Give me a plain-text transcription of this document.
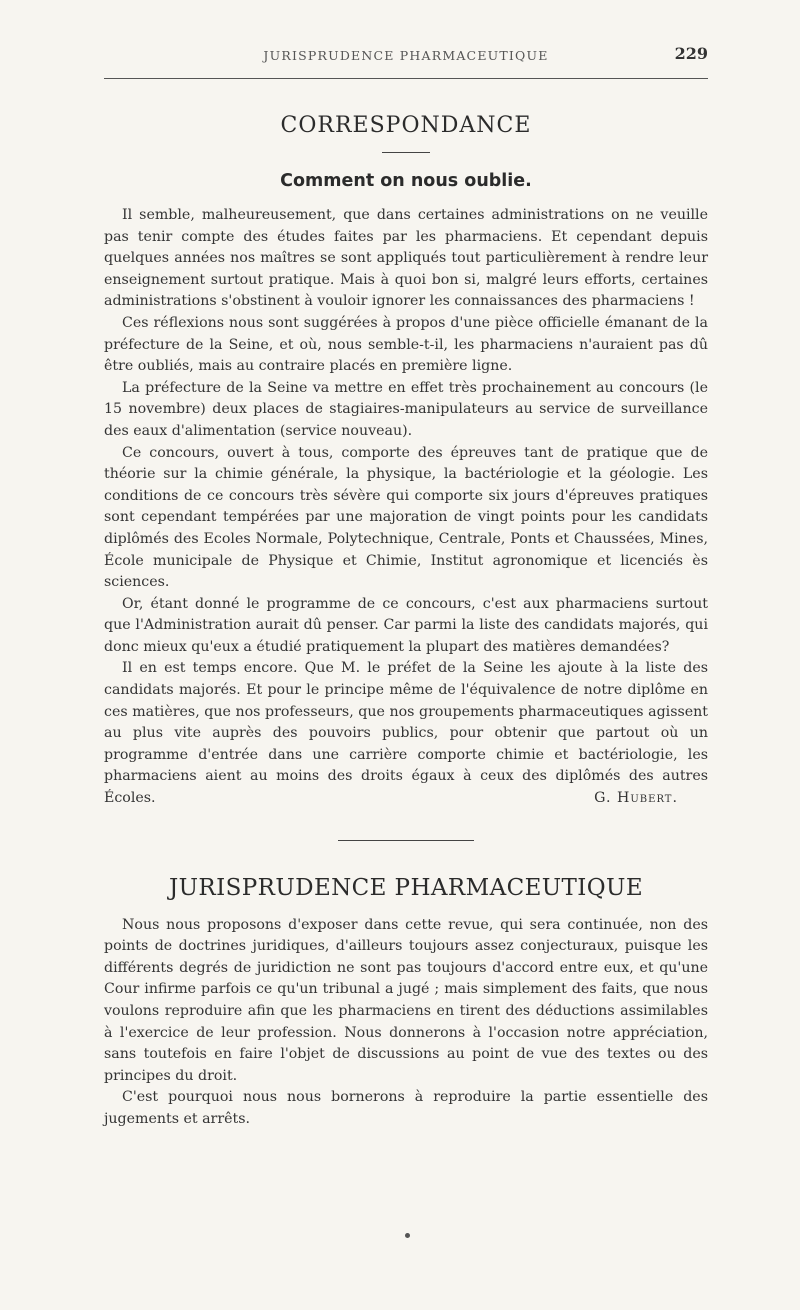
JURISPRUDENCE PHARMACEUTIQUE	229
CORRESPONDANCE
Comment on nous oublie.

Il semble, malheureusement, que dans certaines administrations on ne veuille pas tenir compte des études faites par les pharmaciens. Et cependant depuis quelques années nos maîtres se sont appliqués tout particulièrement à rendre leur enseignement surtout pratique. Mais à quoi bon si, malgré leurs efforts, certaines administrations s'obstinent à vouloir ignorer les connaissances des pharmaciens !

Ces réflexions nous sont suggérées à propos d'une pièce officielle émanant de la préfecture de la Seine, et où, nous semble-t-il, les pharmaciens n'auraient pas dû être oubliés, mais au contraire placés en première ligne.

La préfecture de la Seine va mettre en effet très prochainement au concours (le 15 novembre) deux places de stagiaires-manipulateurs au service de surveillance des eaux d'alimentation (service nouveau).

Ce concours, ouvert à tous, comporte des épreuves tant de pratique que de théorie sur la chimie générale, la physique, la bactériologie et la géologie. Les conditions de ce concours très sévère qui comporte six jours d'épreuves pratiques sont cependant tempérées par une majoration de vingt points pour les candidats diplômés des Ecoles Normale, Polytechnique, Centrale, Ponts et Chaussées, Mines, École municipale de Physique et Chimie, Institut agronomique et licenciés ès sciences.

Or, étant donné le programme de ce concours, c'est aux pharmaciens surtout que l'Administration aurait dû penser. Car parmi la liste des candidats majorés, qui donc mieux qu'eux a étudié pratiquement la plupart des matières demandées?

Il en est temps encore. Que M. le préfet de la Seine les ajoute à la liste des candidats majorés. Et pour le principe même de l'équivalence de notre diplôme en ces matières, que nos professeurs, que nos groupements pharmaceutiques agissent au plus vite auprès des pouvoirs publics, pour obtenir que partout où un programme d'entrée dans une carrière comporte chimie et bactériologie, les pharmaciens aient au moins des droits égaux à ceux des diplômés des autres Écoles.	G. Hubert.
JURISPRUDENCE PHARMACEUTIQUE

Nous nous proposons d'exposer dans cette revue, qui sera continuée, non des points de doctrines juridiques, d'ailleurs toujours assez conjecturaux, puisque les différents degrés de juridiction ne sont pas toujours d'accord entre eux, et qu'une Cour infirme parfois ce qu'un tribunal a jugé ; mais simplement des faits, que nous voulons reproduire afin que les pharmaciens en tirent des déductions assimilables à l'exercice de leur profession. Nous donnerons à l'occasion notre appréciation, sans toutefois en faire l'objet de discussions au point de vue des textes ou des principes du droit.

C'est pourquoi nous nous bornerons à reproduire la partie essentielle des jugements et arrêts.
